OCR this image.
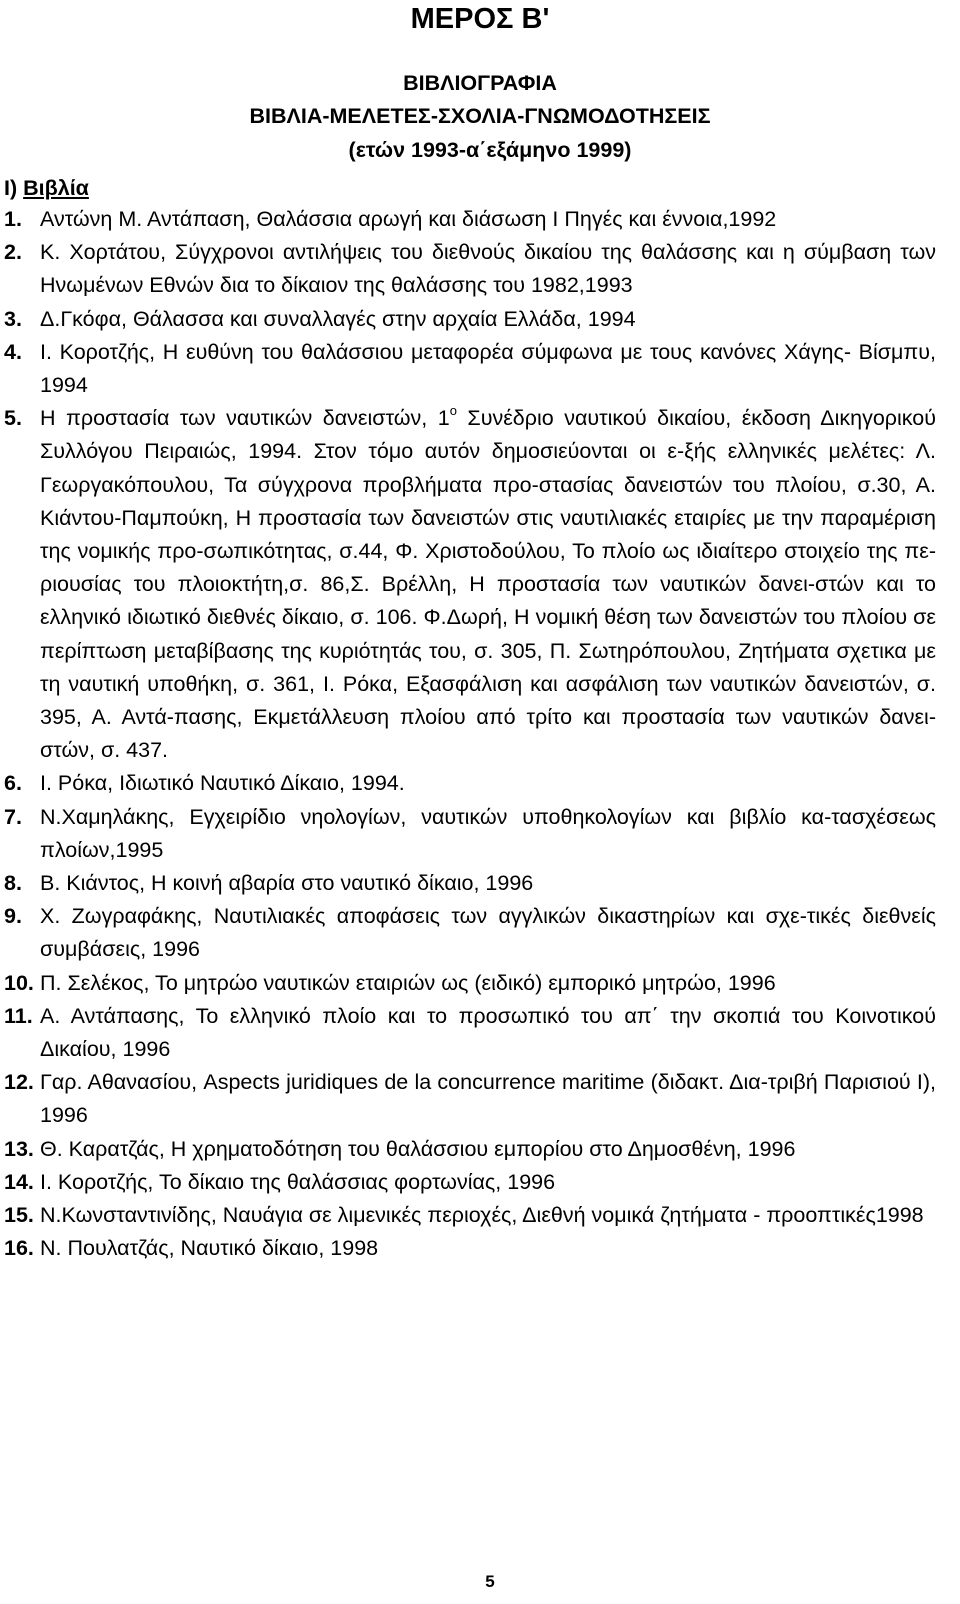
ΜΕΡΟΣ Β'
ΒΙΒΛΙΟΓΡΑΦΙΑ
ΒΙΒΛΙΑ-ΜΕΛΕΤΕΣ-ΣΧΟΛΙΑ-ΓΝΩΜΟΔΟΤΗΣΕΙΣ
(ετών 1993-α΄εξάμηνο 1999)
Ι) Βιβλία
1. Αντώνη Μ. Αντάπαση, Θαλάσσια αρωγή και διάσωση Ι Πηγές και έννοια,1992
2. Κ. Χορτάτου, Σύγχρονοι αντιλήψεις του διεθνούς δικαίου της θαλάσσης και η σύμβαση των Ηνωμένων Εθνών δια το δίκαιον της θαλάσσης του 1982,1993
3. Δ.Γκόφα, Θάλασσα και συναλλαγές στην αρχαία Ελλάδα, 1994
4. Ι. Κοροτζής, Η ευθύνη του θαλάσσιου μεταφορέα σύμφωνα με τους κανόνες Χάγης- Βίσμπυ, 1994
5. Η προστασία των ναυτικών δανειστών, $1^o$ Συνέδριο ναυτικού δικαίου, έκδοση Δικηγορικού Συλλόγου Πειραιώς, 1994. Στον τόμο αυτόν δημοσιεύονται οι ε-ξής ελληνικές μελέτες: Λ. Γεωργακόπουλου, Τα σύγχρονα προβλήματα προ-στασίας δανειστών του πλοίου, σ.30, Α. Κιάντου-Παμπούκη, Η προστασία των δανειστών στις ναυτιλιακές εταιρίες με την παραμέριση της νομικής προ-σωπικότητας, σ.44, Φ. Χριστοδούλου, Το πλοίο ως ιδιαίτερο στοιχείο της πε-ριουσίας του πλοιοκτήτη,σ. 86,Σ. Βρέλλη, Η προστασία των ναυτικών δανει-στών και το ελληνικό ιδιωτικό διεθνές δίκαιο, σ. 106. Φ.Δωρή, Η νομική θέση των δανειστών του πλοίου σε περίπτωση μεταβίβασης της κυριότητάς του, σ. 305, Π. Σωτηρόπουλου, Ζητήματα σχετικα με τη ναυτική υποθήκη, σ. 361, Ι. Ρόκα, Εξασφάλιση και ασφάλιση των ναυτικών δανειστών, σ. 395, Α. Αντά-πασης, Εκμετάλλευση πλοίου από τρίτο και προστασία των ναυτικών δανει-στών, σ. 437.
6. Ι. Ρόκα, Ιδιωτικό Ναυτικό Δίκαιο, 1994.
7. Ν.Χαμηλάκης, Εγχειρίδιο νηολογίων, ναυτικών υποθηκολογίων και βιβλίο κα-τασχέσεως πλοίων,1995
8. Β. Κιάντος, Η κοινή αβαρία στο ναυτικό δίκαιο, 1996
9. Χ. Ζωγραφάκης, Ναυτιλιακές αποφάσεις των αγγλικών δικαστηρίων και σχε-τικές διεθνείς συμβάσεις, 1996
10. Π. Σελέκος, Το μητρώο ναυτικών εταιριών ως (ειδικό) εμπορικό μητρώο, 1996
11. Α. Αντάπασης, Το ελληνικό πλοίο και το προσωπικό του απ΄ την σκοπιά του Κοινοτικού Δικαίου, 1996
12. Γαρ. Αθανασίου, Aspects juridiques de la concurrence maritime (διδακτ. Δια-τριβή Παρισιού Ι), 1996
13. Θ. Καρατζάς, Η χρηματοδότηση του θαλάσσιου εμπορίου στο Δημοσθένη, 1996
14. Ι. Κοροτζής, Το δίκαιο της θαλάσσιας φορτωνίας, 1996
15. Ν.Κωνσταντινίδης, Ναυάγια σε λιμενικές περιοχές, Διεθνή νομικά ζητήματα - προοπτικές1998
16. Ν. Πουλατζάς, Ναυτικό δίκαιο, 1998
5
